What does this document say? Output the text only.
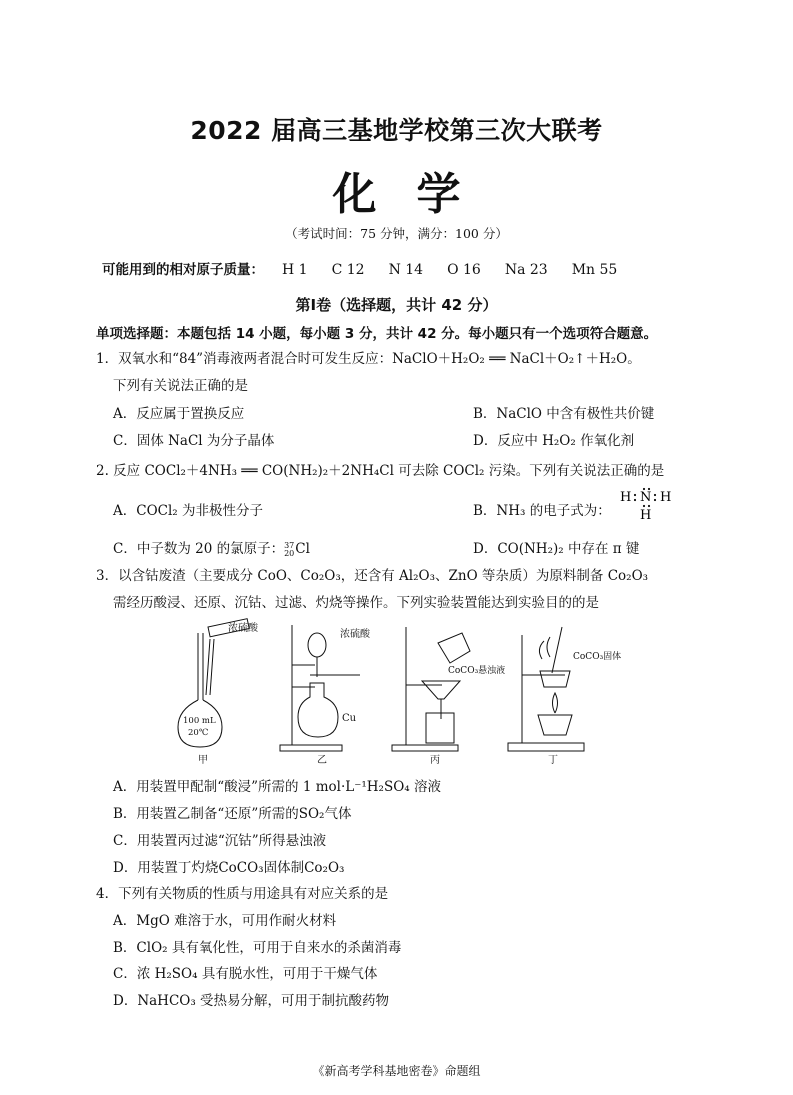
2022 届高三基地学校第三次大联考
化学
（考试时间：75 分钟，满分：100 分）
可能用到的相对原子质量： H 1 C 12 N 14 O 16 Na 23 Mn 55
第Ⅰ卷（选择题，共计 42 分）
单项选择题：本题包括 14 小题，每小题 3 分，共计 42 分。每小题只有一个选项符合题意。
1．双氧水和“84”消毒液两者混合时可发生反应：NaClO＋H₂O₂ ══ NaCl＋O₂↑＋H₂O。
下列有关说法正确的是
A．反应属于置换反应	B．NaClO 中含有极性共价键
C．固体 NaCl 为分子晶体	D．反应中 H₂O₂ 作氧化剂
2. 反应 COCl₂＋4NH₃ ══ CO(NH₂)₂＋2NH₄Cl 可去除 COCl₂ 污染。下列有关说法正确的是
A．COCl₂ 为非极性分子	B．NH₃ 的电子式为：
H N H
H
C．中子数为 20 的氯原子： 37
20 Cl	D．CO(NH₂)₂ 中存在 π 键
3．以含钴废渣（主要成分 CoO、Co₂O₃，还含有 Al₂O₃、ZnO 等杂质）为原料制备 Co₂O₃
需经历酸浸、还原、沉钴、过滤、灼烧等操作。下列实验装置能达到实验目的的是
浓硫酸
100 mL
20℃
甲
浓硫酸
Cu
乙
CoCO₃悬浊液
丙
CoCO₃固体
丁
A．用装置甲配制“酸浸”所需的 1 mol·L⁻¹H₂SO₄ 溶液
B．用装置乙制备“还原”所需的SO₂气体
C．用装置丙过滤“沉钴”所得悬浊液
D．用装置丁灼烧CoCO₃固体制Co₂O₃
4．下列有关物质的性质与用途具有对应关系的是
A．MgO 难溶于水，可用作耐火材料
B．ClO₂ 具有氧化性，可用于自来水的杀菌消毒
C．浓 H₂SO₄ 具有脱水性，可用于干燥气体
D．NaHCO₃ 受热易分解，可用于制抗酸药物
《新高考学科基地密卷》命题组
